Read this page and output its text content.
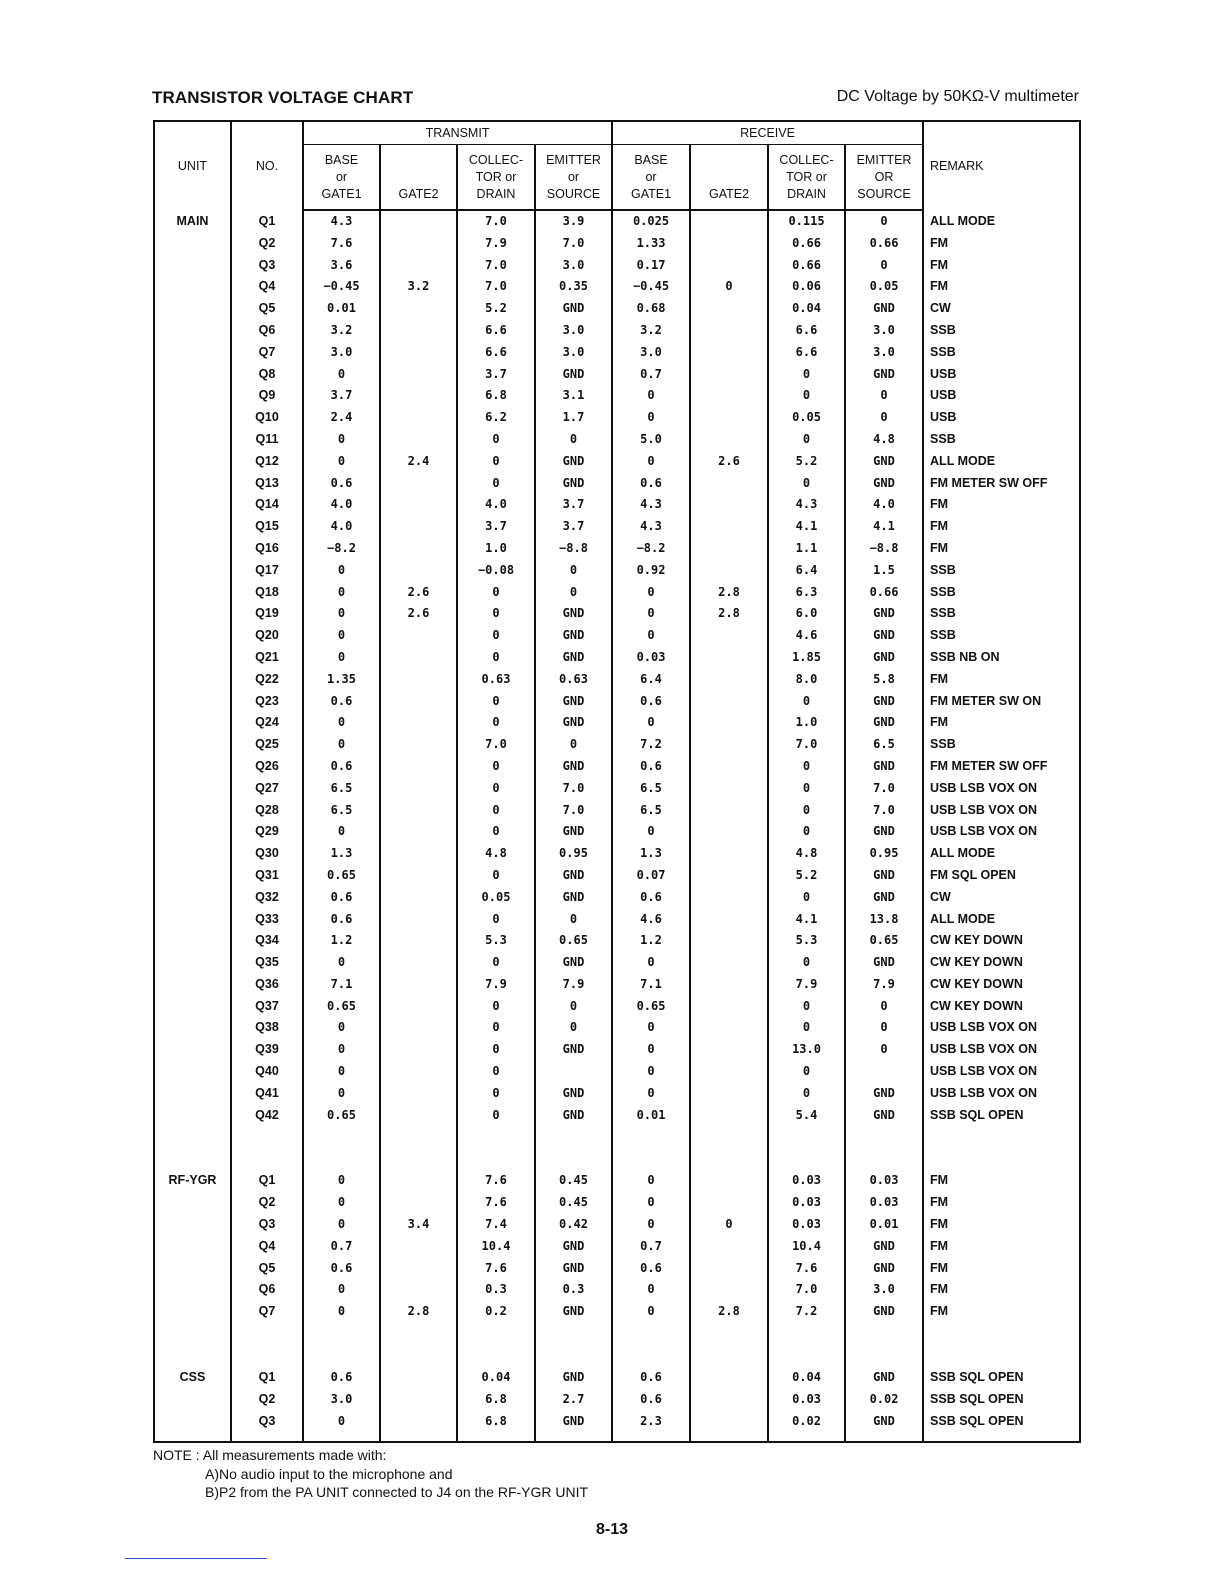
TRANSISTOR VOLTAGE CHART	DC Voltage by 50KΩ-V multimeter
UNIT	NO.	TRANSMIT				RECEIVE				REMARK
		BASE
or
GATE1	GATE2	COLLEC-
TOR or
DRAIN	EMITTER
or
SOURCE	BASE
or
GATE1	GATE2	COLLEC-
TOR or
DRAIN	EMITTER
OR
SOURCE	
MAIN	Q1	4.3		7.0	3.9	0.025		0.115	0	ALL MODE
	Q2	7.6		7.9	7.0	1.33		0.66	0.66	FM
	Q3	3.6		7.0	3.0	0.17		0.66	0	FM
	Q4	−0.45	3.2	7.0	0.35	−0.45	0	0.06	0.05	FM
	Q5	0.01		5.2	GND	0.68		0.04	GND	CW
	Q6	3.2		6.6	3.0	3.2		6.6	3.0	SSB
	Q7	3.0		6.6	3.0	3.0		6.6	3.0	SSB
	Q8	0		3.7	GND	0.7		0	GND	USB
	Q9	3.7		6.8	3.1	0		0	0	USB
	Q10	2.4		6.2	1.7	0		0.05	0	USB
	Q11	0		0	0	5.0		0	4.8	SSB
	Q12	0	2.4	0	GND	0	2.6	5.2	GND	ALL MODE
	Q13	0.6		0	GND	0.6		0	GND	FM METER SW OFF
	Q14	4.0		4.0	3.7	4.3		4.3	4.0	FM
	Q15	4.0		3.7	3.7	4.3		4.1	4.1	FM
	Q16	−8.2		1.0	−8.8	−8.2		1.1	−8.8	FM
	Q17	0		−0.08	0	0.92		6.4	1.5	SSB
	Q18	0	2.6	0	0	0	2.8	6.3	0.66	SSB
	Q19	0	2.6	0	GND	0	2.8	6.0	GND	SSB
	Q20	0		0	GND	0		4.6	GND	SSB
	Q21	0		0	GND	0.03		1.85	GND	SSB NB ON
	Q22	1.35		0.63	0.63	6.4		8.0	5.8	FM
	Q23	0.6		0	GND	0.6		0	GND	FM METER SW ON
	Q24	0		0	GND	0		1.0	GND	FM
	Q25	0		7.0	0	7.2		7.0	6.5	SSB
	Q26	0.6		0	GND	0.6		0	GND	FM METER SW OFF
	Q27	6.5		0	7.0	6.5		0	7.0	USB LSB VOX ON
	Q28	6.5		0	7.0	6.5		0	7.0	USB LSB VOX ON
	Q29	0		0	GND	0		0	GND	USB LSB VOX ON
	Q30	1.3		4.8	0.95	1.3		4.8	0.95	ALL MODE
	Q31	0.65		0	GND	0.07		5.2	GND	FM SQL OPEN
	Q32	0.6		0.05	GND	0.6		0	GND	CW
	Q33	0.6		0	0	4.6		4.1	13.8	ALL MODE
	Q34	1.2		5.3	0.65	1.2		5.3	0.65	CW KEY DOWN
	Q35	0		0	GND	0		0	GND	CW KEY DOWN
	Q36	7.1		7.9	7.9	7.1		7.9	7.9	CW KEY DOWN
	Q37	0.65		0	0	0.65		0	0	CW KEY DOWN
	Q38	0		0	0	0		0	0	USB LSB VOX ON
	Q39	0		0	GND	0		13.0	0	USB LSB VOX ON
	Q40	0		0		0		0		USB LSB VOX ON
	Q41	0		0	GND	0		0	GND	USB LSB VOX ON
	Q42	0.65		0	GND	0.01		5.4	GND	SSB SQL OPEN

RF-YGR	Q1	0		7.6	0.45	0		0.03	0.03	FM
	Q2	0		7.6	0.45	0		0.03	0.03	FM
	Q3	0	3.4	7.4	0.42	0	0	0.03	0.01	FM
	Q4	0.7		10.4	GND	0.7		10.4	GND	FM
	Q5	0.6		7.6	GND	0.6		7.6	GND	FM
	Q6	0		0.3	0.3	0		7.0	3.0	FM
	Q7	0	2.8	0.2	GND	0	2.8	7.2	GND	FM

CSS	Q1	0.6		0.04	GND	0.6		0.04	GND	SSB SQL OPEN
	Q2	3.0		6.8	2.7	0.6		0.03	0.02	SSB SQL OPEN
	Q3	0		6.8	GND	2.3		0.02	GND	SSB SQL OPEN
NOTE : All measurements made with:
A)No audio input to the microphone and
B)P2 from the PA UNIT connected to J4 on the RF-YGR UNIT
8-13
